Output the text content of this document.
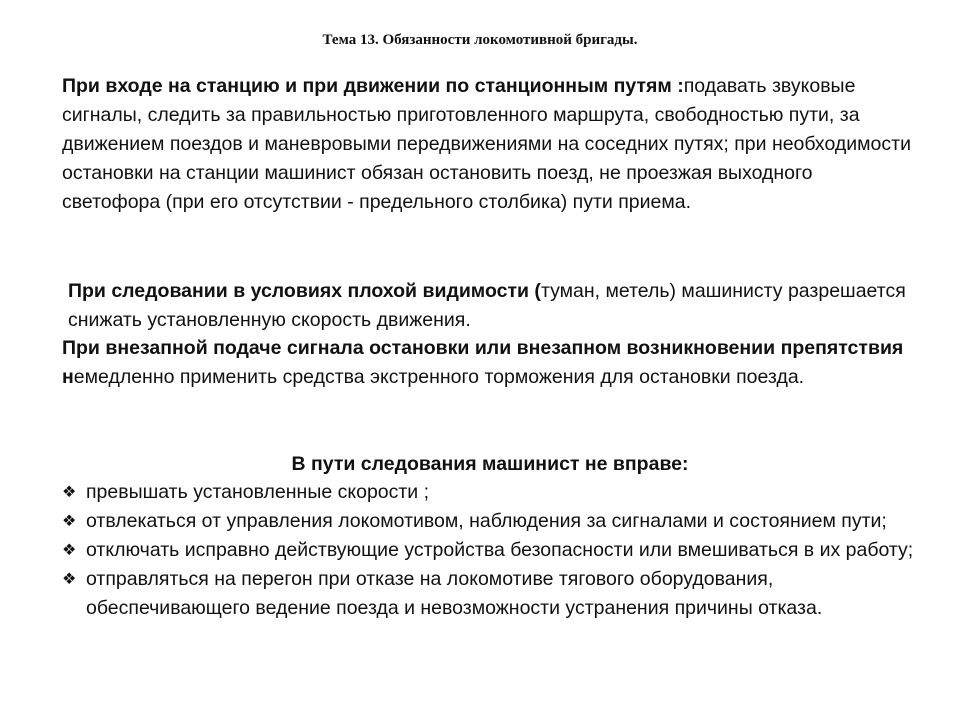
Тема 13. Обязанности локомотивной бригады.
При входе на станцию и при движении по станционным путям :подавать звуковые сигналы, следить за правильностью приготовленного маршрута, свободностью пути, за движением поездов и маневровыми передвижениями на соседних путях; при необходимости остановки на станции машинист обязан остановить поезд, не проезжая выходного светофора (при его отсутствии - предельного столбика) пути приема.
При следовании в условиях плохой видимости (туман, метель) машинисту разрешается снижать установленную скорость движения.
При внезапной подаче сигнала остановки или внезапном возникновении препятствия немедленно применить средства экстренного торможения для остановки поезда.
В пути следования машинист не вправе:
❖ превышать установленные скорости ;
❖ отвлекаться от управления локомотивом, наблюдения за сигналами и состоянием пути;
❖ отключать исправно действующие устройства безопасности или вмешиваться в их работу;
❖ отправляться на перегон при отказе на локомотиве тягового оборудования, обеспечивающего ведение поезда и невозможности устранения причины отказа.
